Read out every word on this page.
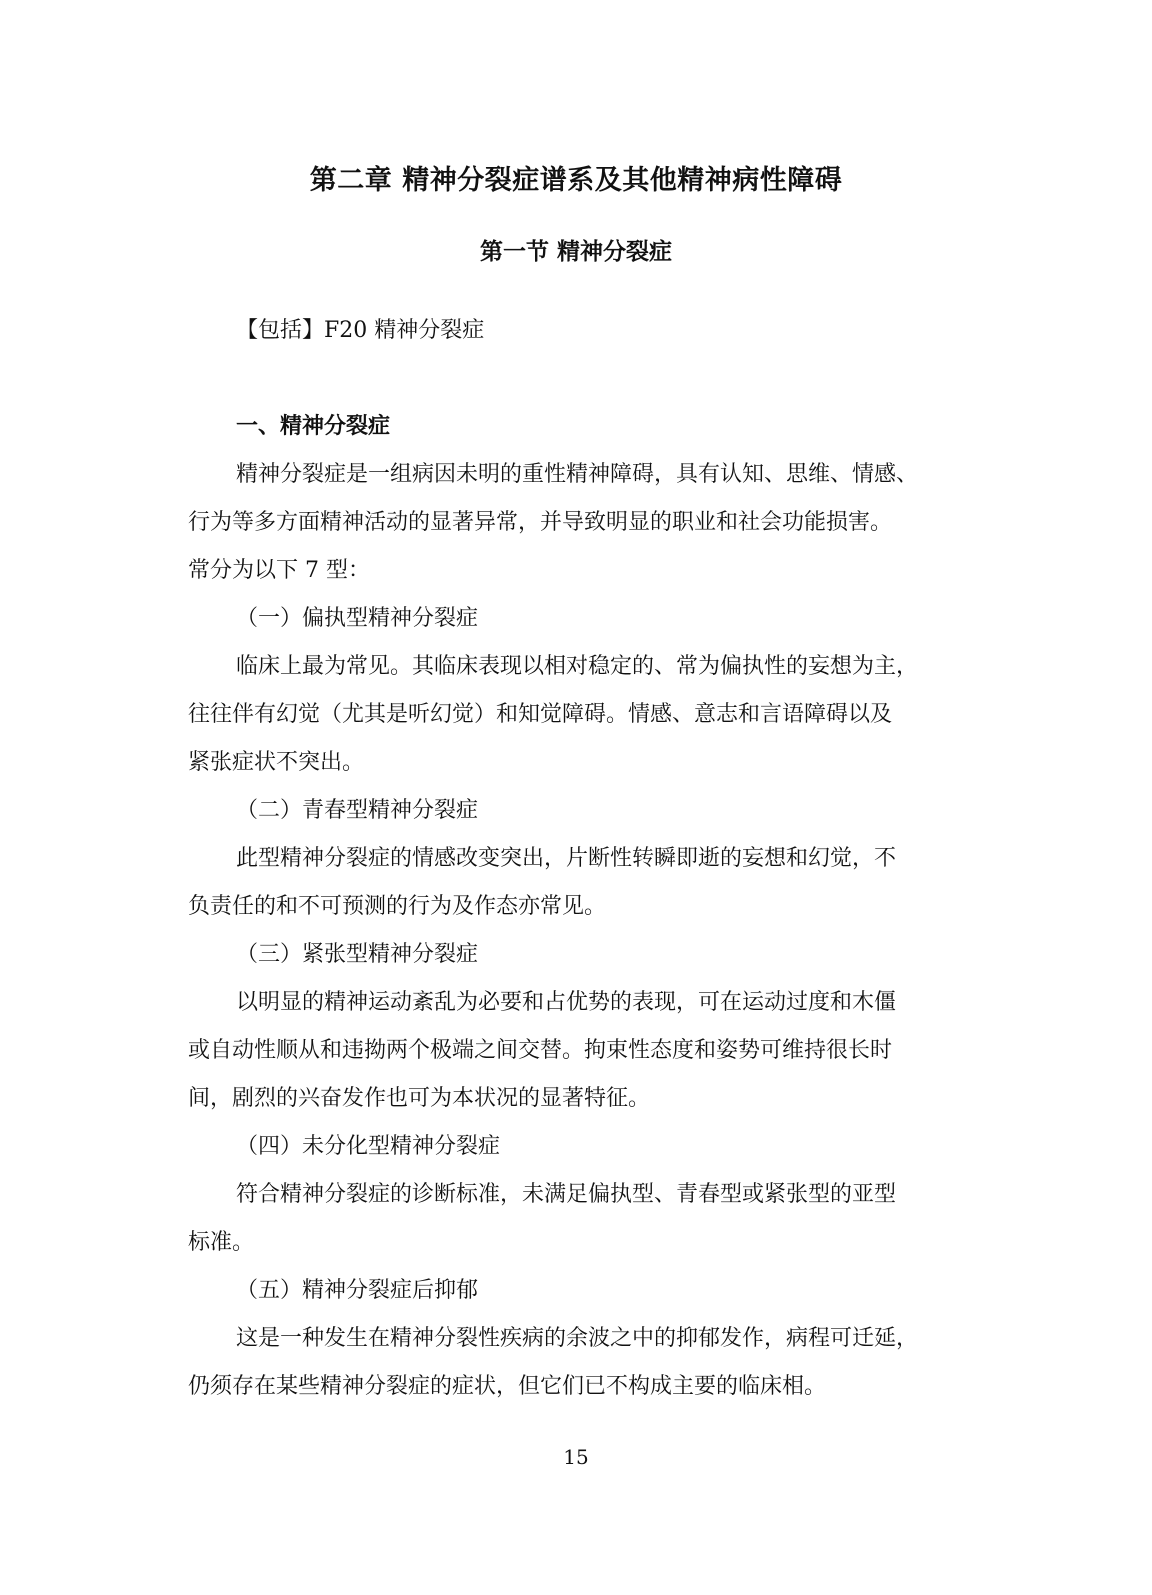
第二章 精神分裂症谱系及其他精神病性障碍
第一节 精神分裂症
【包括】F20 精神分裂症
一、精神分裂症
精神分裂症是一组病因未明的重性精神障碍，具有认知、思维、情感、
行为等多方面精神活动的显著异常，并导致明显的职业和社会功能损害。
常分为以下 7 型：
（一）偏执型精神分裂症
临床上最为常见。其临床表现以相对稳定的、常为偏执性的妄想为主，
往往伴有幻觉（尤其是听幻觉）和知觉障碍。情感、意志和言语障碍以及
紧张症状不突出。
（二）青春型精神分裂症
此型精神分裂症的情感改变突出，片断性转瞬即逝的妄想和幻觉，不
负责任的和不可预测的行为及作态亦常见。
（三）紧张型精神分裂症
以明显的精神运动紊乱为必要和占优势的表现，可在运动过度和木僵
或自动性顺从和违拗两个极端之间交替。拘束性态度和姿势可维持很长时
间，剧烈的兴奋发作也可为本状况的显著特征。
（四）未分化型精神分裂症
符合精神分裂症的诊断标准，未满足偏执型、青春型或紧张型的亚型
标准。
（五）精神分裂症后抑郁
这是一种发生在精神分裂性疾病的余波之中的抑郁发作，病程可迁延，
仍须存在某些精神分裂症的症状，但它们已不构成主要的临床相。
15
